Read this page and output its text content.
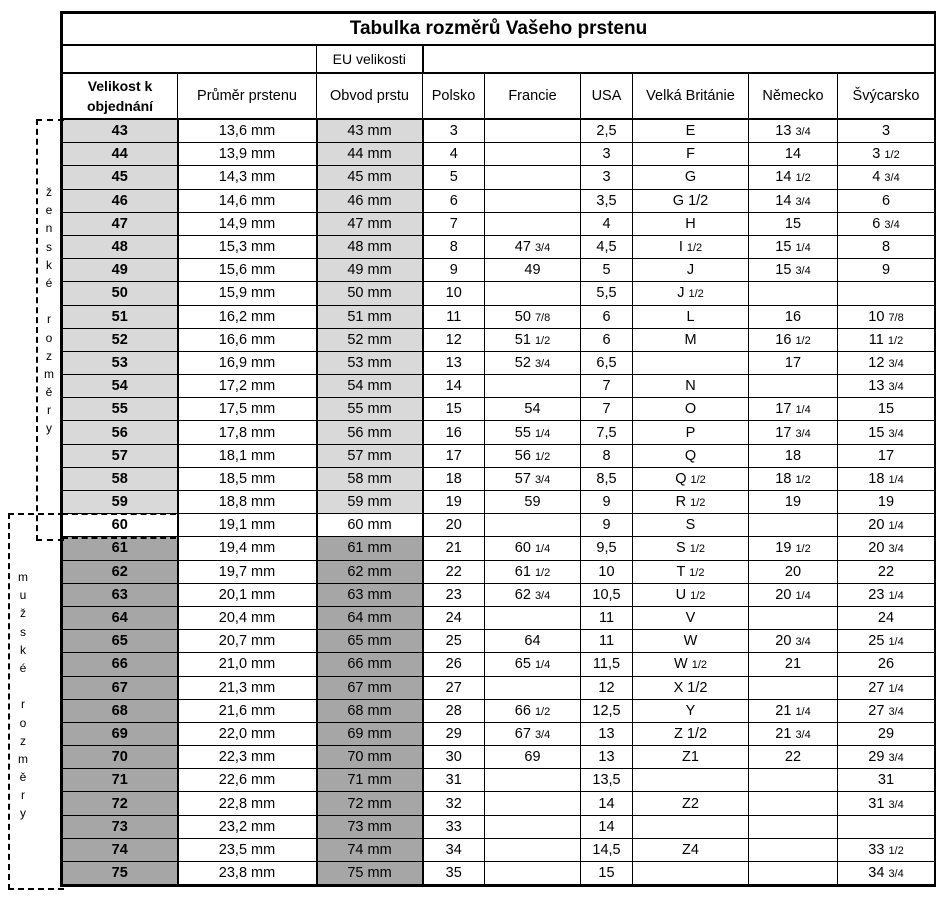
Tabulka rozměrů Vašeho prstenu								
		EU velikosti						

Velikost k
objednání	Průměr prstenu	Obvod prstu	Polsko	Francie	USA	Velká Británie	Německo	Švýcarsko
43	13,6 mm	43 mm	3		2,5	E	13 3/4	3
44	13,9 mm	44 mm	4		3	F	14	3 1/2
45	14,3 mm	45 mm	5		3	G	14 1/2	4 3/4
46	14,6 mm	46 mm	6		3,5	G 1/2	14 3/4	6
47	14,9 mm	47 mm	7		4	H	15	6 3/4
48	15,3 mm	48 mm	8	47 3/4	4,5	I 1/2	15 1/4	8
49	15,6 mm	49 mm	9	49	5	J	15 3/4	9
50	15,9 mm	50 mm	10		5,5	J 1/2		
51	16,2 mm	51 mm	11	50 7/8	6	L	16	10 7/8
52	16,6 mm	52 mm	12	51 1/2	6	M	16 1/2	11 1/2
53	16,9 mm	53 mm	13	52 3/4	6,5		17	12 3/4
54	17,2 mm	54 mm	14		7	N		13 3/4
55	17,5 mm	55 mm	15	54	7	O	17 1/4	15
56	17,8 mm	56 mm	16	55 1/4	7,5	P	17 3/4	15 3/4
57	18,1 mm	57 mm	17	56 1/2	8	Q	18	17
58	18,5 mm	58 mm	18	57 3/4	8,5	Q 1/2	18 1/2	18 1/4
59	18,8 mm	59 mm	19	59	9	R 1/2	19	19
60	19,1 mm	60 mm	20		9	S		20 1/4
61	19,4 mm	61 mm	21	60 1/4	9,5	S 1/2	19 1/2	20 3/4
62	19,7 mm	62 mm	22	61 1/2	10	T 1/2	20	22
63	20,1 mm	63 mm	23	62 3/4	10,5	U 1/2	20 1/4	23 1/4
64	20,4 mm	64 mm	24		11	V		24
65	20,7 mm	65 mm	25	64	11	W	20 3/4	25 1/4
66	21,0 mm	66 mm	26	65 1/4	11,5	W 1/2	21	26
67	21,3 mm	67 mm	27		12	X 1/2		27 1/4
68	21,6 mm	68 mm	28	66 1/2	12,5	Y	21 1/4	27 3/4
69	22,0 mm	69 mm	29	67 3/4	13	Z 1/2	21 3/4	29
70	22,3 mm	70 mm	30	69	13	Z1	22	29 3/4
71	22,6 mm	71 mm	31		13,5			31
72	22,8 mm	72 mm	32		14	Z2		31 3/4
73	23,2 mm	73 mm	33		14			
74	23,5 mm	74 mm	34		14,5	Z4		33 1/2
75	23,8 mm	75 mm	35		15			34 3/4
ž
e
n
s
k
é

r
o
z
m
ě
r
y
m
u
ž
s
k
é

r
o
z
m
ě
r
y
